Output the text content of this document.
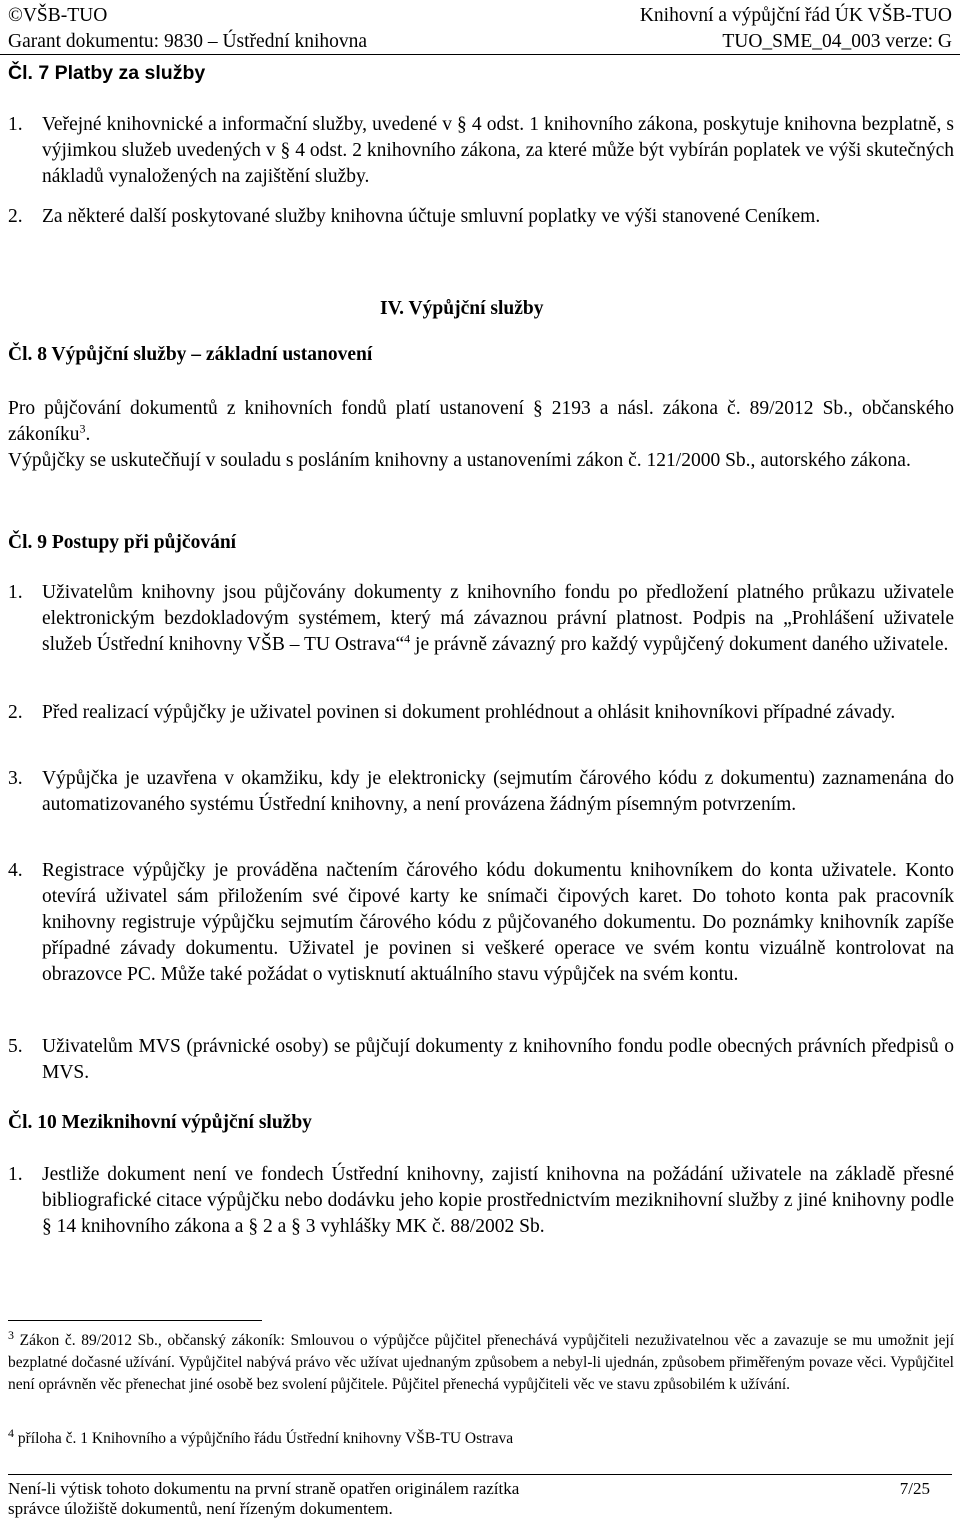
©VŠB-TUO	Knihovní a výpůjční řád ÚK VŠB-TUO
Garant dokumentu: 9830 – Ústřední knihovna	TUO_SME_04_003 verze: G
Čl. 7 Platby za služby
1. Veřejné knihovnické a informační služby, uvedené v § 4 odst. 1 knihovního zákona, poskytuje knihovna bezplatně, s výjimkou služeb uvedených v § 4 odst. 2 knihovního zákona, za které může být vybírán poplatek ve výši skutečných nákladů vynaložených na zajištění služby.
2. Za některé další poskytované služby knihovna účtuje smluvní poplatky ve výši stanovené Ceníkem.
IV. Výpůjční služby
Čl. 8 Výpůjční služby – základní ustanovení
Pro půjčování dokumentů z knihovních fondů platí ustanovení § 2193 a násl. zákona č. 89/2012 Sb., občanského zákoníku$^3$.
Výpůjčky se uskutečňují v souladu s posláním knihovny a ustanoveními zákon č. 121/2000 Sb., autorského zákona.
Čl. 9 Postupy při půjčování
1. Uživatelům knihovny jsou půjčovány dokumenty z knihovního fondu po předložení platného průkazu uživatele elektronickým bezdokladovým systémem, který má závaznou právní platnost. Podpis na „Prohlášení uživatele služeb Ústřední knihovny VŠB – TU Ostrava“$^4$ je právně závazný pro každý vypůjčený dokument daného uživatele.
2. Před realizací výpůjčky je uživatel povinen si dokument prohlédnout a ohlásit knihovníkovi případné závady.
3. Výpůjčka je uzavřena v okamžiku, kdy je elektronicky (sejmutím čárového kódu z dokumentu) zaznamenána do automatizovaného systému Ústřední knihovny, a není provázena žádným písemným potvrzením.
4. Registrace výpůjčky je prováděna načtením čárového kódu dokumentu knihovníkem do konta uživatele. Konto otevírá uživatel sám přiložením své čipové karty ke snímači čipových karet. Do tohoto konta pak pracovník knihovny registruje výpůjčku sejmutím čárového kódu z půjčovaného dokumentu. Do poznámky knihovník zapíše případné závady dokumentu. Uživatel je povinen si veškeré operace ve svém kontu vizuálně kontrolovat na obrazovce PC. Může také požádat o vytisknutí aktuálního stavu výpůjček na svém kontu.
5. Uživatelům MVS (právnické osoby) se půjčují dokumenty z knihovního fondu podle obecných právních předpisů o MVS.
Čl. 10 Meziknihovní výpůjční služby
1. Jestliže dokument není ve fondech Ústřední knihovny, zajistí knihovna na požádání uživatele na základě přesné bibliografické citace výpůjčku nebo dodávku jeho kopie prostřednictvím meziknihovní služby z jiné knihovny podle § 14 knihovního zákona a § 2 a § 3 vyhlášky MK č. 88/2002 Sb.
$^3$ Zákon č. 89/2012 Sb., občanský zákoník: Smlouvou o výpůjčce půjčitel přenechává vypůjčiteli nezuživatelnou věc a zavazuje se mu umožnit její bezplatné dočasné užívání. Vypůjčitel nabývá právo věc užívat ujednaným způsobem a nebyl-li ujednán, způsobem přiměřeným povaze věci. Vypůjčitel není oprávněn věc přenechat jiné osobě bez svolení půjčitele. Půjčitel přenechá vypůjčiteli věc ve stavu způsobilém k užívání.
$^4$ příloha č. 1 Knihovního a výpůjčního řádu Ústřední knihovny VŠB-TU Ostrava
Není-li výtisk tohoto dokumentu na první straně opatřen originálem razítka	7/25
správce úložiště dokumentů, není řízeným dokumentem.
